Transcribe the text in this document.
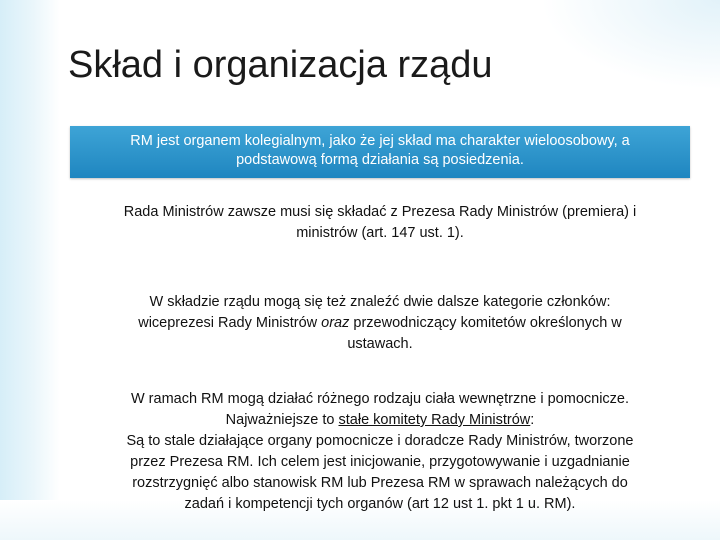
Skład i organizacja rządu
RM jest organem kolegialnym, jako że jej skład ma charakter wieloosobowy, a
podstawową formą działania są posiedzenia.
Rada Ministrów zawsze musi się składać z Prezesa Rady Ministrów (premiera) i
ministrów (art. 147 ust. 1).
W składzie rządu mogą się też znaleźć dwie dalsze kategorie członków:
wiceprezesi Rady Ministrów oraz przewodniczący komitetów określonych w
ustawach.
W ramach RM mogą działać różnego rodzaju ciała wewnętrzne i pomocnicze.
Najważniejsze to stałe komitety Rady Ministrów:
Są to stale działające organy pomocnicze i doradcze Rady Ministrów, tworzone
przez Prezesa RM. Ich celem jest inicjowanie, przygotowywanie i uzgadnianie
rozstrzygnięć albo stanowisk RM lub Prezesa RM w sprawach należących do
zadań i kompetencji tych organów (art 12 ust 1. pkt 1 u. RM).
